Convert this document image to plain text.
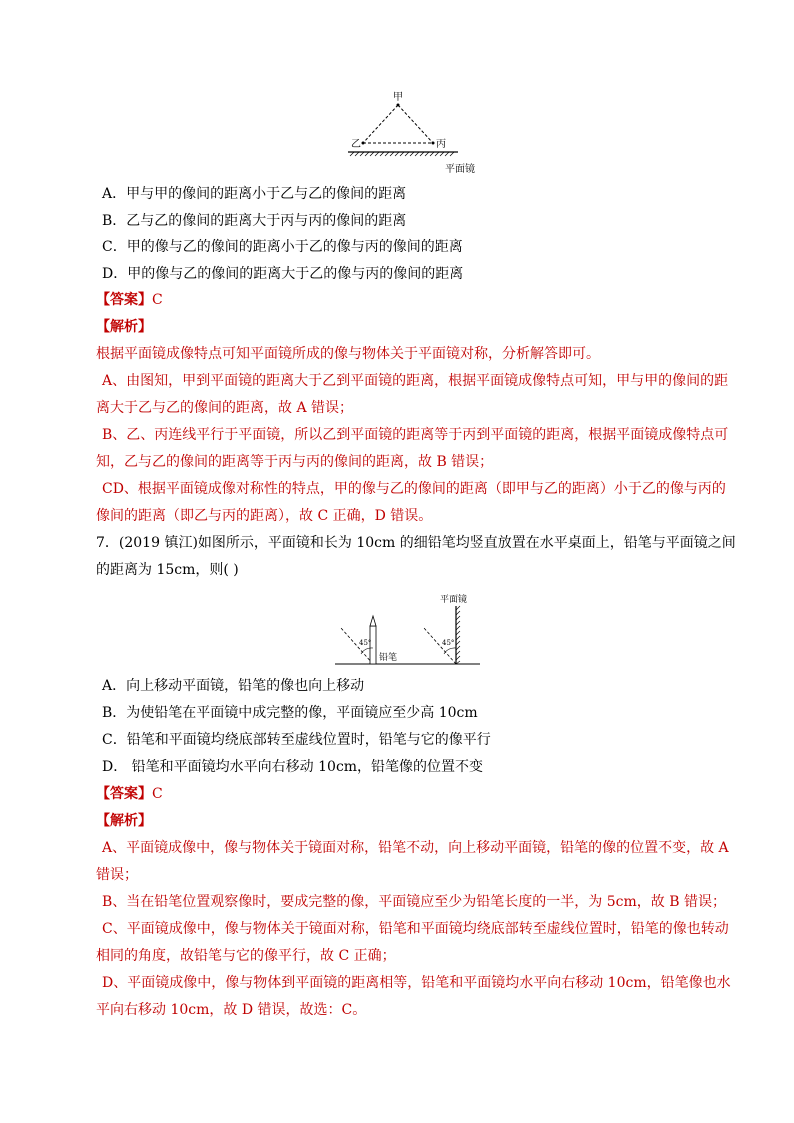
甲
乙	丙
平面镜
A．甲与甲的像间的距离小于乙与乙的像间的距离
B．乙与乙的像间的距离大于丙与丙的像间的距离
C．甲的像与乙的像间的距离小于乙的像与丙的像间的距离
D．甲的像与乙的像间的距离大于乙的像与丙的像间的距离
【答案】C
【解析】
根据平面镜成像特点可知平面镜所成的像与物体关于平面镜对称，分析解答即可。
A、由图知，甲到平面镜的距离大于乙到平面镜的距离，根据平面镜成像特点可知，甲与甲的像间的距
离大于乙与乙的像间的距离，故 A 错误；
B、乙、丙连线平行于平面镜，所以乙到平面镜的距离等于丙到平面镜的距离，根据平面镜成像特点可
知，乙与乙的像间的距离等于丙与丙的像间的距离，故 B 错误；
CD、根据平面镜成像对称性的特点，甲的像与乙的像间的距离（即甲与乙的距离）小于乙的像与丙的
像间的距离（即乙与丙的距离），故 C 正确，D 错误。
7．(2019 镇江)如图所示，平面镜和长为 10cm 的细铅笔均竖直放置在水平桌面上，铅笔与平面镜之间
的距离为 15cm，则( )
平面镜
45°
铅笔
45°
A．向上移动平面镜，铅笔的像也向上移动
B．为使铅笔在平面镜中成完整的像，平面镜应至少高 10cm
C．铅笔和平面镜均绕底部转至虚线位置时，铅笔与它的像平行
D． 铅笔和平面镜均水平向右移动 10cm，铅笔像的位置不变
【答案】C
【解析】
A、平面镜成像中，像与物体关于镜面对称，铅笔不动，向上移动平面镜，铅笔的像的位置不变，故 A
错误；
B、当在铅笔位置观察像时，要成完整的像，平面镜应至少为铅笔长度的一半，为 5cm，故 B 错误；
C、平面镜成像中，像与物体关于镜面对称，铅笔和平面镜均绕底部转至虚线位置时，铅笔的像也转动
相同的角度，故铅笔与它的像平行，故 C 正确；
D、平面镜成像中，像与物体到平面镜的距离相等，铅笔和平面镜均水平向右移动 10cm，铅笔像也水
平向右移动 10cm，故 D 错误，故选：C。
